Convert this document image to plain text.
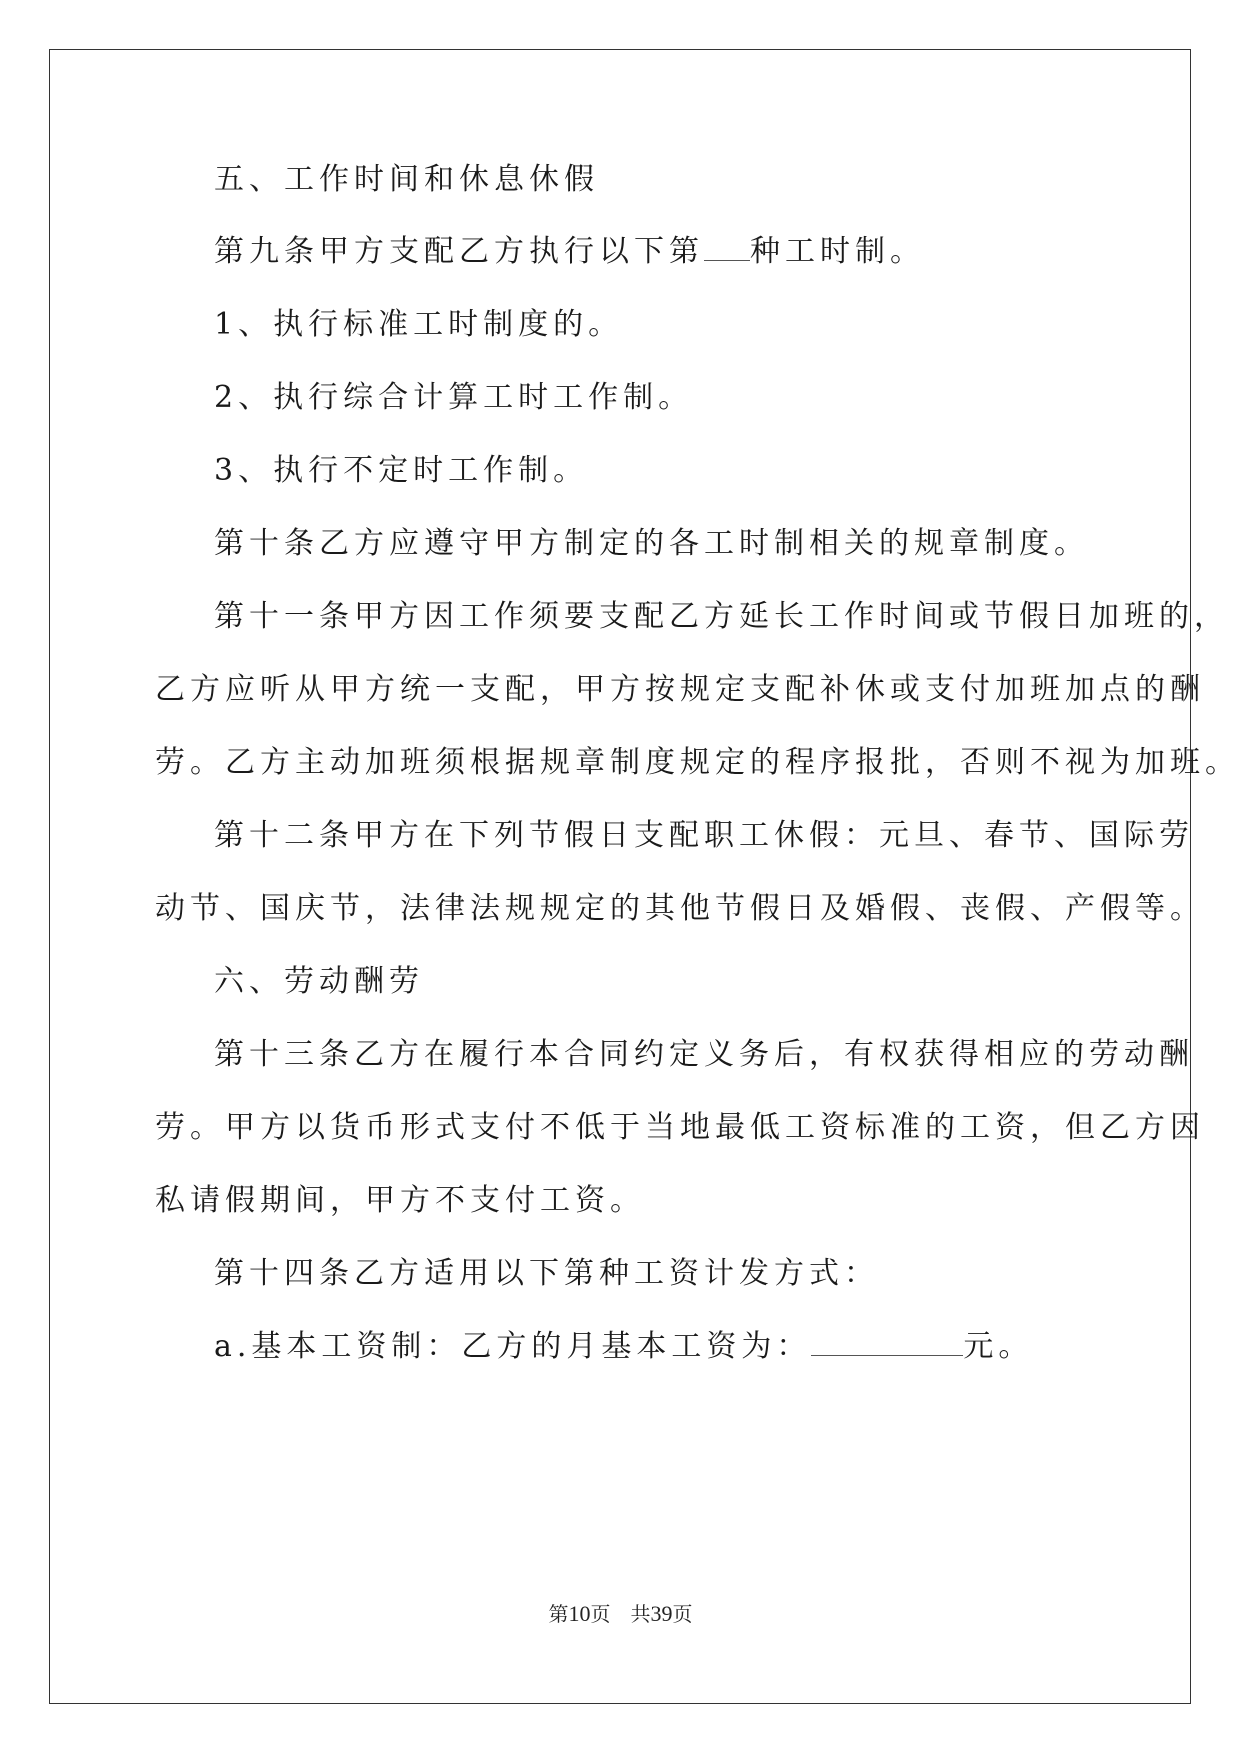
五、工作时间和休息休假
第九条甲方支配乙方执行以下第 种工时制。
1、执行标准工时制度的。
2、执行综合计算工时工作制。
3、执行不定时工作制。
第十条乙方应遵守甲方制定的各工时制相关的规章制度。
第十一条甲方因工作须要支配乙方延长工作时间或节假日加班的，
乙方应听从甲方统一支配，甲方按规定支配补休或支付加班加点的酬
劳。乙方主动加班须根据规章制度规定的程序报批，否则不视为加班。
第十二条甲方在下列节假日支配职工休假：元旦、春节、国际劳
动节、国庆节，法律法规规定的其他节假日及婚假、丧假、产假等。
六、劳动酬劳
第十三条乙方在履行本合同约定义务后，有权获得相应的劳动酬
劳。甲方以货币形式支付不低于当地最低工资标准的工资，但乙方因
私请假期间，甲方不支付工资。
第十四条乙方适用以下第种工资计发方式：
a.基本工资制：乙方的月基本工资为：	元。
第10页 共39页
